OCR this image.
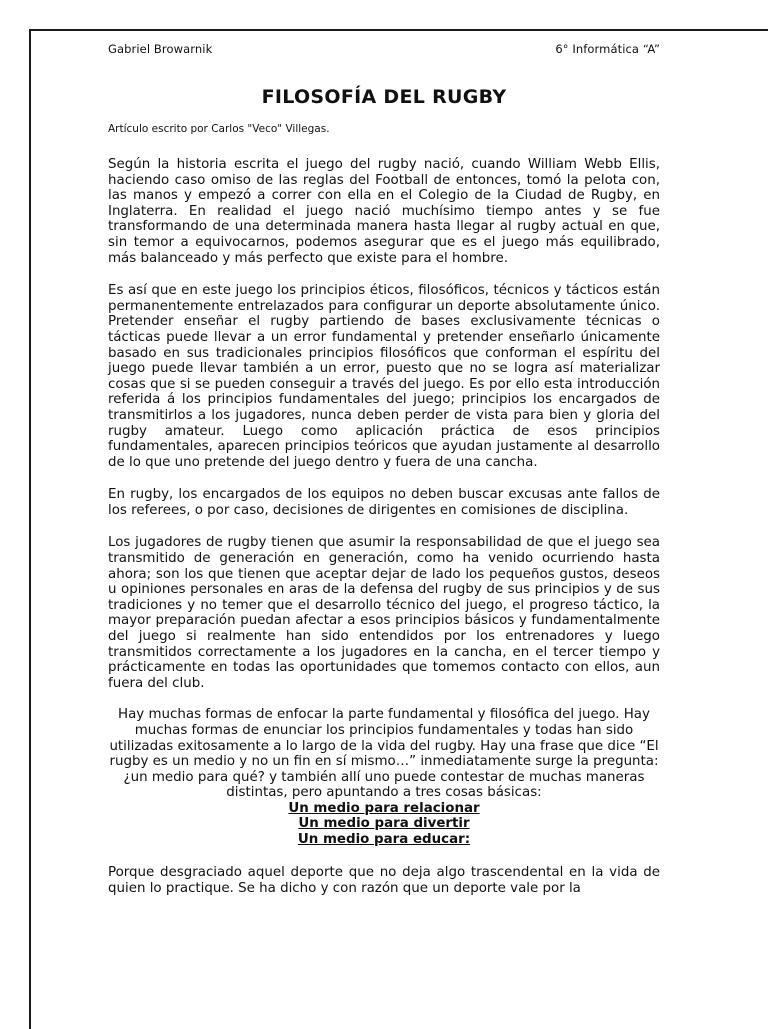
Gabriel Browarnik	6° Informática “A”
FILOSOFÍA DEL RUGBY
Artículo escrito por Carlos "Veco" Villegas.

Según la historia escrita el juego del rugby nació, cuando William Webb Ellis, haciendo caso omiso de las reglas del Football de entonces, tomó la pelota con, las manos y empezó a correr con ella en el Colegio de la Ciudad de Rugby, en Inglaterra. En realidad el juego nació muchísimo tiempo antes y se fue transformando de una determinada manera hasta llegar al rugby actual en que, sin temor a equivocarnos, podemos asegurar que es el juego más equilibrado, más balanceado y más perfecto que existe para el hombre.

Es así que en este juego los principios éticos, filosóficos, técnicos y tácticos están permanentemente entrelazados para configurar un deporte absolutamente único. Pretender enseñar el rugby partiendo de bases exclusivamente técnicas o tácticas puede llevar a un error fundamental y pretender enseñarlo únicamente basado en sus tradicionales principios filosóficos que conforman el espíritu del juego puede llevar también a un error, puesto que no se logra así materializar cosas que si se pueden conseguir a través del juego. Es por ello esta introducción referida á los principios fundamentales del juego; principios los encargados de transmitirlos a los jugadores, nunca deben perder de vista para bien y gloria del rugby amateur. Luego como aplicación práctica de esos principios fundamentales, aparecen principios teóricos que ayudan justamente al desarrollo de lo que uno pretende del juego dentro y fuera de una cancha.

En rugby, los encargados de los equipos no deben buscar excusas ante fallos de los referees, o por caso, decisiones de dirigentes en comisiones de disciplina.

Los jugadores de rugby tienen que asumir la responsabilidad de que el juego sea transmitido de generación en generación, como ha venido ocurriendo hasta ahora; son los que tienen que aceptar dejar de lado los pequeños gustos, deseos u opiniones personales en aras de la defensa del rugby de sus principios y de sus tradiciones y no temer que el desarrollo técnico del juego, el progreso táctico, la mayor preparación puedan afectar a esos principios básicos y fundamentalmente del juego si realmente han sido entendidos por los entrenadores y luego transmitidos correctamente a los jugadores en la cancha, en el tercer tiempo y prácticamente en todas las oportunidades que tomemos contacto con ellos, aun fuera del club.

Hay muchas formas de enfocar la parte fundamental y filosófica del juego. Hay muchas formas de enunciar los principios fundamentales y todas han sido utilizadas exitosamente a lo largo de la vida del rugby. Hay una frase que dice “El rugby es un medio y no un fin en sí mismo…” inmediatamente surge la pregunta: ¿un medio para qué? y también allí uno puede contestar de muchas maneras distintas, pero apuntando a tres cosas básicas:
Un medio para relacionar
Un medio para divertir
Un medio para educar:

Porque desgraciado aquel deporte que no deja algo trascendental en la vida de quien lo practique. Se ha dicho y con razón que un deporte vale por la
